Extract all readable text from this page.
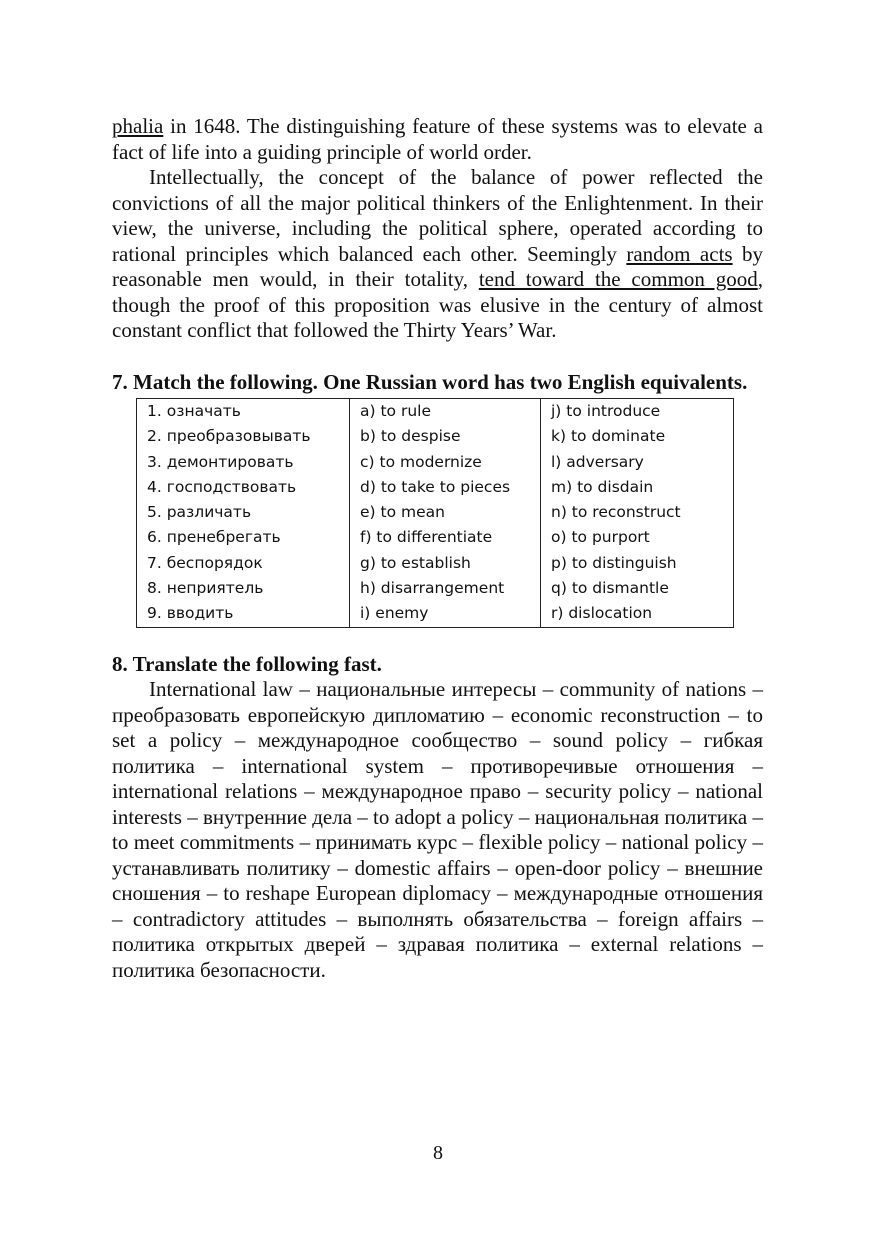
phalia in 1648. The distinguishing feature of these systems was to elevate a fact of life into a guiding principle of world order.

Intellectually, the concept of the balance of power reflected the convictions of all the major political thinkers of the Enlightenment. In their view, the universe, including the political sphere, operated according to rational principles which balanced each other. Seemingly random acts by reasonable men would, in their totality, tend toward the common good, though the proof of this proposition was elusive in the century of almost constant conflict that followed the Thirty Years’ War.

7. Match the following. One Russian word has two English equivalents.

1. означать	a) to rule	j) to introduce
2. преобразовывать	b) to despise	k) to dominate
3. демонтировать	c) to modernize	l) adversary
4. господствовать	d) to take to pieces	m) to disdain
5. различать	e) to mean	n) to reconstruct
6. пренебрегать	f) to differentiate	o) to purport
7. беспорядок	g) to establish	p) to distinguish
8. неприятель	h) disarrangement	q) to dismantle
9. вводить	i) enemy	r) dislocation

8. Translate the following fast.

International law – национальные интересы – community of nations – преобразовать европейскую дипломатию – economic reconstruction – to set a policy – международное сообщество – sound policy – гибкая политика – international system – противоречивые отношения – international relations – международное право – security policy – national interests – внутренние дела – to adopt a policy – национальная политика – to meet commitments – принимать курс – flexible policy – national policy – устанавливать политику – domestic affairs – open-door policy – внешние сношения – to reshape European diplomacy – международные отношения – contradictory attitudes – выполнять обязательства – foreign affairs – политика открытых дверей – здравая политика – external relations – политика безопасности.

8
